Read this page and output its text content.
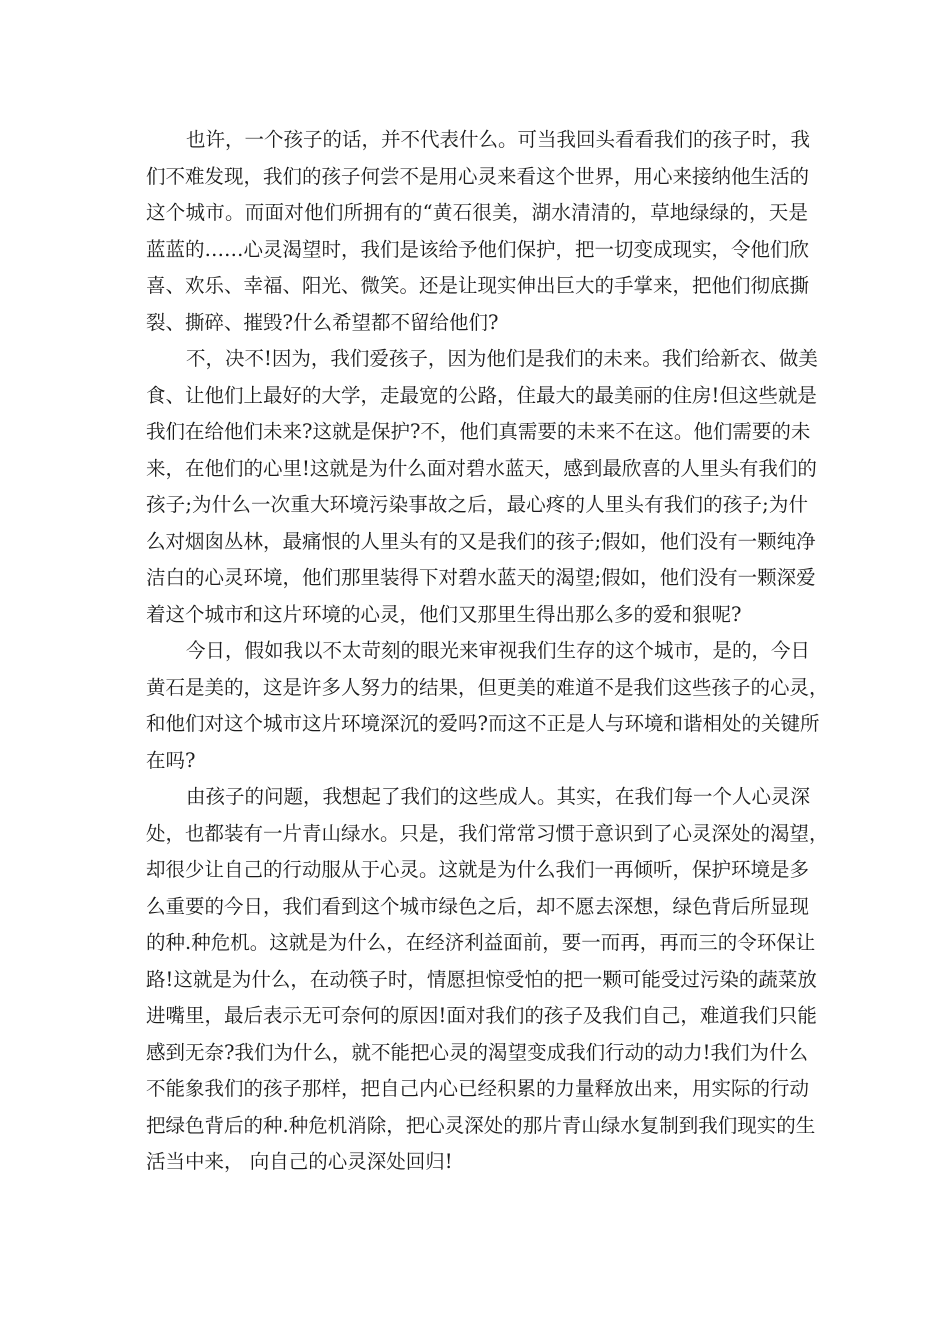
也许，一个孩子的话，并不代表什么。可当我回头看看我们的孩子时，我
们不难发现，我们的孩子何尝不是用心灵来看这个世界，用心来接纳他生活的
这个城市。而面对他们所拥有的“黄石很美，湖水清清的，草地绿绿的，天是
蓝蓝的……心灵渴望时，我们是该给予他们保护，把一切变成现实，令他们欣
喜、欢乐、幸福、阳光、微笑。还是让现实伸出巨大的手掌来，把他们彻底撕
裂、撕碎、摧毁?什么希望都不留给他们?
不，决不!因为，我们爱孩子，因为他们是我们的未来。我们给新衣、做美
食、让他们上最好的大学，走最宽的公路，住最大的最美丽的住房!但这些就是
我们在给他们未来?这就是保护?不，他们真需要的未来不在这。他们需要的未
来，在他们的心里!这就是为什么面对碧水蓝天，感到最欣喜的人里头有我们的
孩子;为什么一次重大环境污染事故之后，最心疼的人里头有我们的孩子;为什
么对烟囱丛林，最痛恨的人里头有的又是我们的孩子;假如，他们没有一颗纯净
洁白的心灵环境，他们那里装得下对碧水蓝天的渴望;假如，他们没有一颗深爱
着这个城市和这片环境的心灵，他们又那里生得出那么多的爱和狠呢?
今日，假如我以不太苛刻的眼光来审视我们生存的这个城市，是的，今日
黄石是美的，这是许多人努力的结果，但更美的难道不是我们这些孩子的心灵，
和他们对这个城市这片环境深沉的爱吗?而这不正是人与环境和谐相处的关键所
在吗?
由孩子的问题，我想起了我们的这些成人。其实，在我们每一个人心灵深
处，也都装有一片青山绿水。只是，我们常常习惯于意识到了心灵深处的渴望，
却很少让自己的行动服从于心灵。这就是为什么我们一再倾听，保护环境是多
么重要的今日，我们看到这个城市绿色之后，却不愿去深想，绿色背后所显现
的种.种危机。这就是为什么，在经济利益面前，要一而再，再而三的令环保让
路!这就是为什么，在动筷子时，情愿担惊受怕的把一颗可能受过污染的蔬菜放
进嘴里，最后表示无可奈何的原因!面对我们的孩子及我们自己，难道我们只能
感到无奈?我们为什么，就不能把心灵的渴望变成我们行动的动力!我们为什么
不能象我们的孩子那样，把自己内心已经积累的力量释放出来，用实际的行动
把绿色背后的种.种危机消除，把心灵深处的那片青山绿水复制到我们现实的生
活当中来， 向自己的心灵深处回归!
